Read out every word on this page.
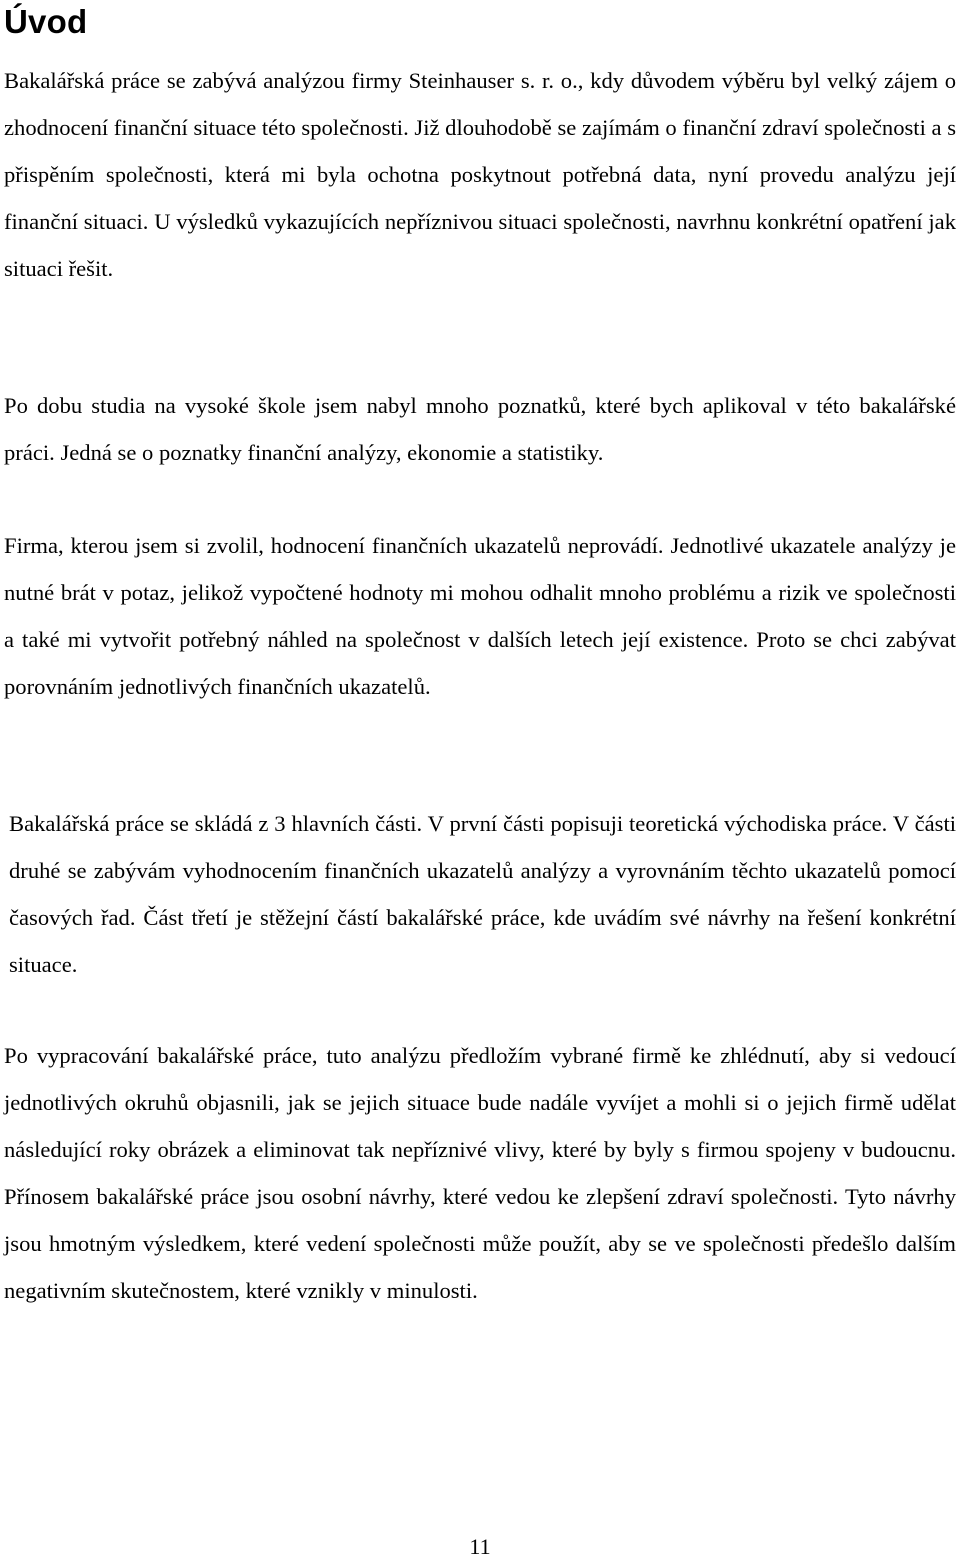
Úvod

Bakalářská práce se zabývá analýzou firmy Steinhauser s. r. o., kdy důvodem výběru byl velký zájem o zhodnocení finanční situace této společnosti. Již dlouhodobě se zajímám o finanční zdraví společnosti a s přispěním společnosti, která mi byla ochotna poskytnout potřebná data, nyní provedu analýzu její finanční situaci. U výsledků vykazujících nepříznivou situaci společnosti, navrhnu konkrétní opatření jak situaci řešit.

Po dobu studia na vysoké škole jsem nabyl mnoho poznatků, které bych aplikoval v této bakalářské práci. Jedná se o poznatky finanční analýzy, ekonomie a statistiky.

Firma, kterou jsem si zvolil, hodnocení finančních ukazatelů neprovádí. Jednotlivé ukazatele analýzy je nutné brát v potaz, jelikož vypočtené hodnoty mi mohou odhalit mnoho problému a rizik ve společnosti a také mi vytvořit potřebný náhled na společnost v dalších letech její existence. Proto se chci zabývat porovnáním jednotlivých finančních ukazatelů.

Bakalářská práce se skládá z 3 hlavních části. V první části popisuji teoretická východiska práce. V části druhé se zabývám vyhodnocením finančních ukazatelů analýzy a vyrovnáním těchto ukazatelů pomocí časových řad. Část třetí je stěžejní částí bakalářské práce, kde uvádím své návrhy na řešení konkrétní situace.

Po vypracování bakalářské práce, tuto analýzu předložím vybrané firmě ke zhlédnutí, aby si vedoucí jednotlivých okruhů objasnili, jak se jejich situace bude nadále vyvíjet a mohli si o jejich firmě udělat následující roky obrázek a eliminovat tak nepříznivé vlivy, které by byly s firmou spojeny v budoucnu. Přínosem bakalářské práce jsou osobní návrhy, které vedou ke zlepšení zdraví společnosti. Tyto návrhy jsou hmotným výsledkem, které vedení společnosti může použít, aby se ve společnosti předešlo dalším negativním skutečnostem, které vznikly v minulosti.

11
